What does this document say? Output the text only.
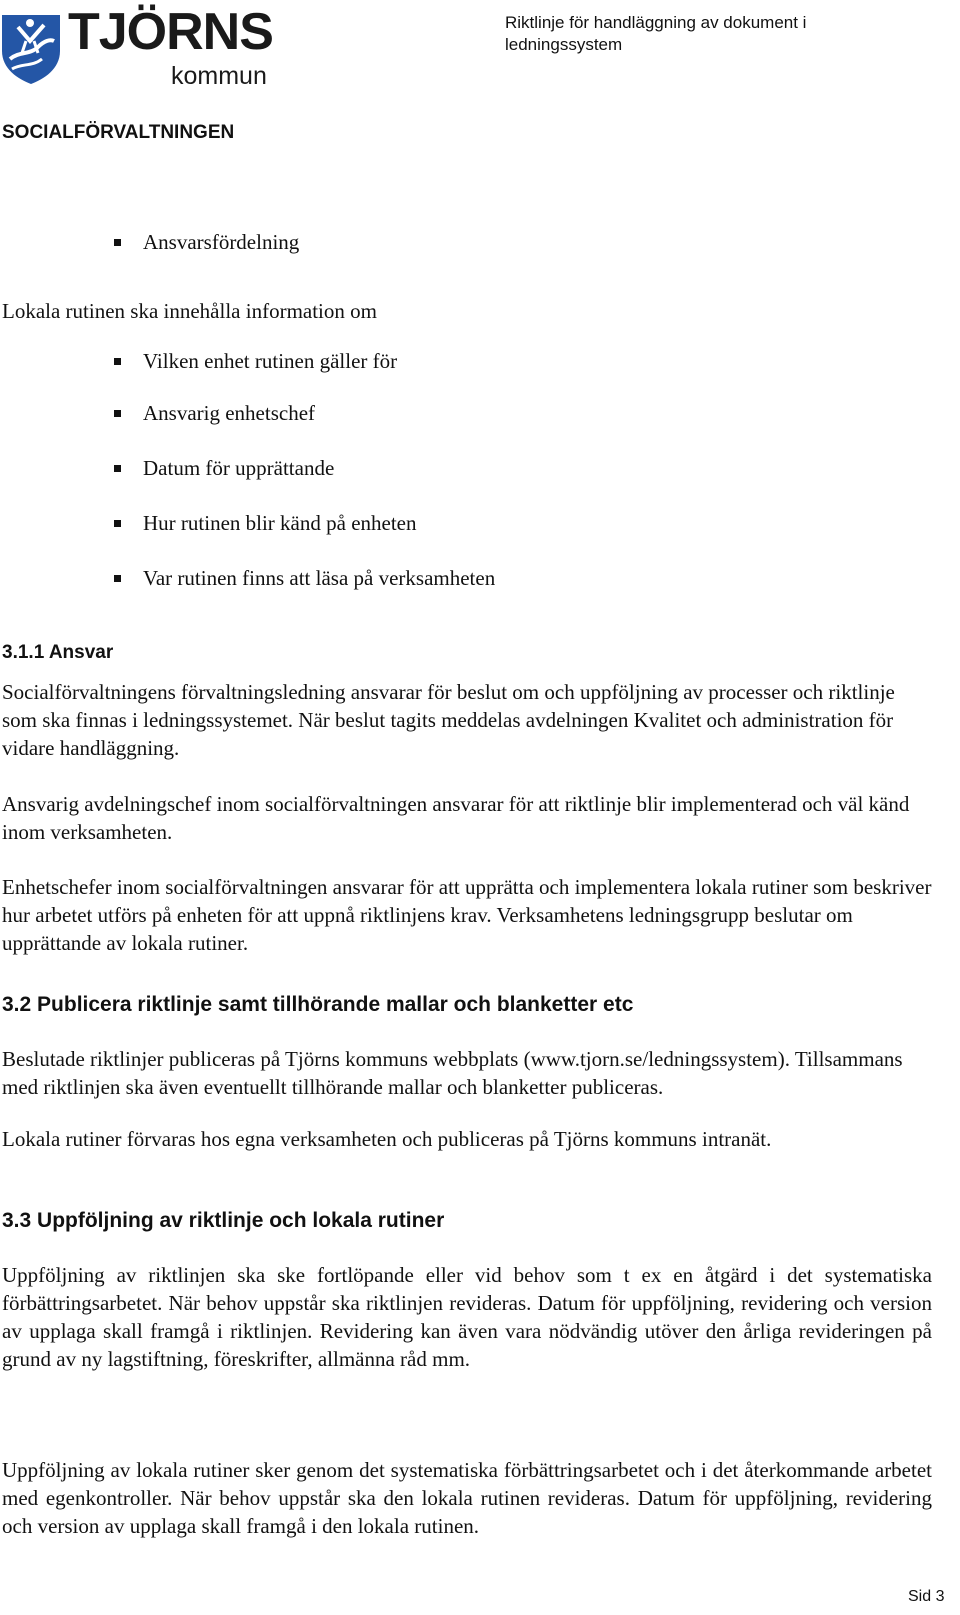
TJÖRNS
kommun
Riktlinje för handläggning av dokument i ledningssystem
SOCIALFÖRVALTNINGEN
Ansvarsfördelning
Lokala rutinen ska innehålla information om
Vilken enhet rutinen gäller för
Ansvarig enhetschef
Datum för upprättande
Hur rutinen blir känd på enheten
Var rutinen finns att läsa på verksamheten
3.1.1 Ansvar
Socialförvaltningens förvaltningsledning ansvarar för beslut om och uppföljning av processer och riktlinje som ska finnas i ledningssystemet. När beslut tagits meddelas avdelningen Kvalitet och administration för vidare handläggning.
Ansvarig avdelningschef inom socialförvaltningen ansvarar för att riktlinje blir implementerad och väl känd inom verksamheten.
Enhetschefer inom socialförvaltningen ansvarar för att upprätta och implementera lokala rutiner som beskriver hur arbetet utförs på enheten för att uppnå riktlinjens krav. Verksamhetens ledningsgrupp beslutar om upprättande av lokala rutiner.
3.2 Publicera riktlinje samt tillhörande mallar och blanketter etc
Beslutade riktlinjer publiceras på Tjörns kommuns webbplats (www.tjorn.se/ledningssystem). Tillsammans med riktlinjen ska även eventuellt tillhörande mallar och blanketter publiceras.
Lokala rutiner förvaras hos egna verksamheten och publiceras på Tjörns kommuns intranät.
3.3 Uppföljning av riktlinje och lokala rutiner
Uppföljning av riktlinjen ska ske fortlöpande eller vid behov som t ex en åtgärd i det systematiska förbättringsarbetet. När behov uppstår ska riktlinjen revideras. Datum för uppföljning, revidering och version av upplaga skall framgå i riktlinjen. Revidering kan även vara nödvändig utöver den årliga revideringen på grund av ny lagstiftning, föreskrifter, allmänna råd mm.
Uppföljning av lokala rutiner sker genom det systematiska förbättringsarbetet och i det återkommande arbetet med egenkontroller. När behov uppstår ska den lokala rutinen revideras. Datum för uppföljning, revidering och version av upplaga skall framgå i den lokala rutinen.
Sid 3
